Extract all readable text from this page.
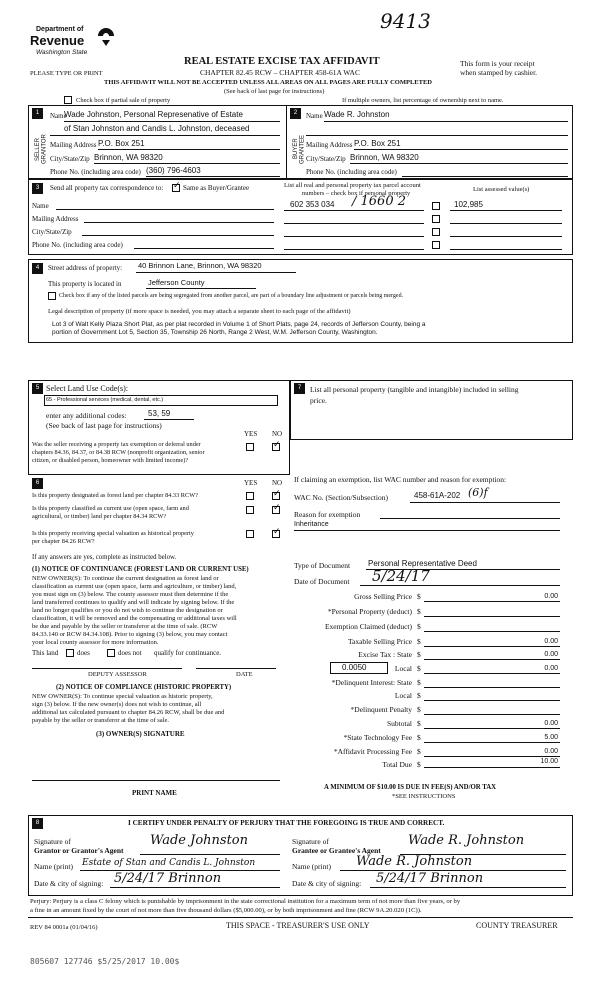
9413
Department of
Revenue
Washington State
PLEASE TYPE OR PRINT
REAL ESTATE EXCISE TAX AFFIDAVIT
CHAPTER 82.45 RCW – CHAPTER 458-61A WAC
THIS AFFIDAVIT WILL NOT BE ACCEPTED UNLESS ALL AREAS ON ALL PAGES ARE FULLY COMPLETED
(See back of last page for instructions)
This form is your receipt
when stamped by cashier.
Check box if partial sale of property	If multiple owners, list percentage of ownership next to name.
1
SELLER GRANTOR
Name
Wade Johnston, Personal Represenative of Estate
of Stan Johnston and Candis L. Johnston, deceased
Mailing Address P.O. Box 251
City/State/Zip Brinnon, WA 98320
Phone No. (including area code) (360) 796-4603
2
BUYER GRANTEE
Name Wade R. Johnston
Mailing Address P.O. Box 251
City/State/Zip Brinnon, WA 98320
Phone No. (including area code)
3	Send all property tax correspondence to:
✓	Same as Buyer/Grantee
Name
Mailing Address
City/State/Zip
Phone No. (including area code)
List all real and personal property tax parcel account
numbers – check box if personal property
List assessed value(s)
602 353 034 / 1660 2	102,985
4	Street address of property: 40 Brinnon Lane, Brinnon, WA 98320
This property is located in	Jefferson County
Check box if any of the listed parcels are being segregated from another parcel, are part of a boundary line adjustment or parcels being merged.
Legal description of property (if more space is needed, you may attach a separate sheet to each page of the affidavit)
Lot 3 of Walt Kelly Plaza Short Plat, as per plat recorded in Volume 1 of Short Plats, page 24, records of Jefferson County, being a
portion of Government Lot 5, Section 35, Township 26 North, Range 2 West, W.M. Jefferson County, Washington.
5 Select Land Use Code(s):
65 - Professional services (medical, dental, etc.)
enter any additional codes:	53, 59
(See back of last page for instructions)
YES NO
Was the seller receiving a property tax exemption or deferral under
chapters 84.36, 84.37, or 84.38 RCW (nonprofit organization, senior
citizen, or disabled person, homeowner with limited income)?
✓
6	YES NO
Is this property designated as forest land per chapter 84.33 RCW?
✓
Is this property classified as current use (open space, farm and
agricultural, or timber) land per chapter 84.34 RCW?
✓
Is this property receiving special valuation as historical property
per chapter 84.26 RCW?
✓
If any answers are yes, complete as instructed below.
(1) NOTICE OF CONTINUANCE (FOREST LAND OR CURRENT USE)
NEW OWNER(S): To continue the current designation as forest land or
classification as current use (open space, farm and agriculture, or timber) land,
you must sign on (3) below. The county assessor must then determine if the
land transferred continues to qualify and will indicate by signing below. If the
land no longer qualifies or you do not wish to continue the designation or
classification, it will be removed and the compensating or additional taxes will
be due and payable by the seller or transferor at the time of sale. (RCW
84.33.140 or RCW 84.34.108). Prior to signing (3) below, you may contact
your local county assessor for more information.
This land	does	does not qualify for continuance.
DEPUTY ASSESSOR	DATE
(2) NOTICE OF COMPLIANCE (HISTORIC PROPERTY)
NEW OWNER(S): To continue special valuation as historic property,
sign (3) below. If the new owner(s) does not wish to continue, all
additional tax calculated pursuant to chapter 84.26 RCW, shall be due and
payable by the seller or transferor at the time of sale.
(3) OWNER(S) SIGNATURE
PRINT NAME
7	List all personal property (tangible and intangible) included in selling
price.
If claiming an exemption, list WAC number and reason for exemption:
WAC No. (Section/Subsection)	458-61A-202 (6)f
Reason for exemption
Inheritance
Type of Document Personal Representative Deed
Date of Document 5/24/17
Gross Selling Price $	0.00
*Personal Property (deduct) $
Exemption Claimed (deduct) $
Taxable Selling Price $	0.00
Excise Tax : State $	0.00
0.0050	Local $	0.00
*Delinquent Interest: State $
Local $
*Delinquent Penalty $
Subtotal $	0.00
*State Technology Fee $	5.00
*Affidavit Processing Fee $	0.00
Total Due $	10.00
A MINIMUM OF $10.00 IS DUE IN FEE(S) AND/OR TAX
*SEE INSTRUCTIONS
8	I CERTIFY UNDER PENALTY OF PERJURY THAT THE FOREGOING IS TRUE AND CORRECT.
Signature of
Grantor or Grantor's Agent
Wade Johnston
Name (print) Estate of Stan and Candis L. Johnston
Date & city of signing: 5/24/17 Brinnon
Signature of
Grantee or Grantee's Agent
Wade R. Johnston
Name (print) Wade R. Johnston
Date & city of signing: 5/24/17 Brinnon
Perjury: Perjury is a class C felony which is punishable by imprisonment in the state correctional institution for a maximum term of not more than five years, or by
a fine in an amount fixed by the court of not more than five thousand dollars ($5,000.00), or by both imprisonment and fine (RCW 9A.20.020 (1C)).
REV 84 0001a (01/04/16)	THIS SPACE - TREASURER'S USE ONLY	COUNTY TREASURER
805607 127746 $5/25/2017 10.00$
